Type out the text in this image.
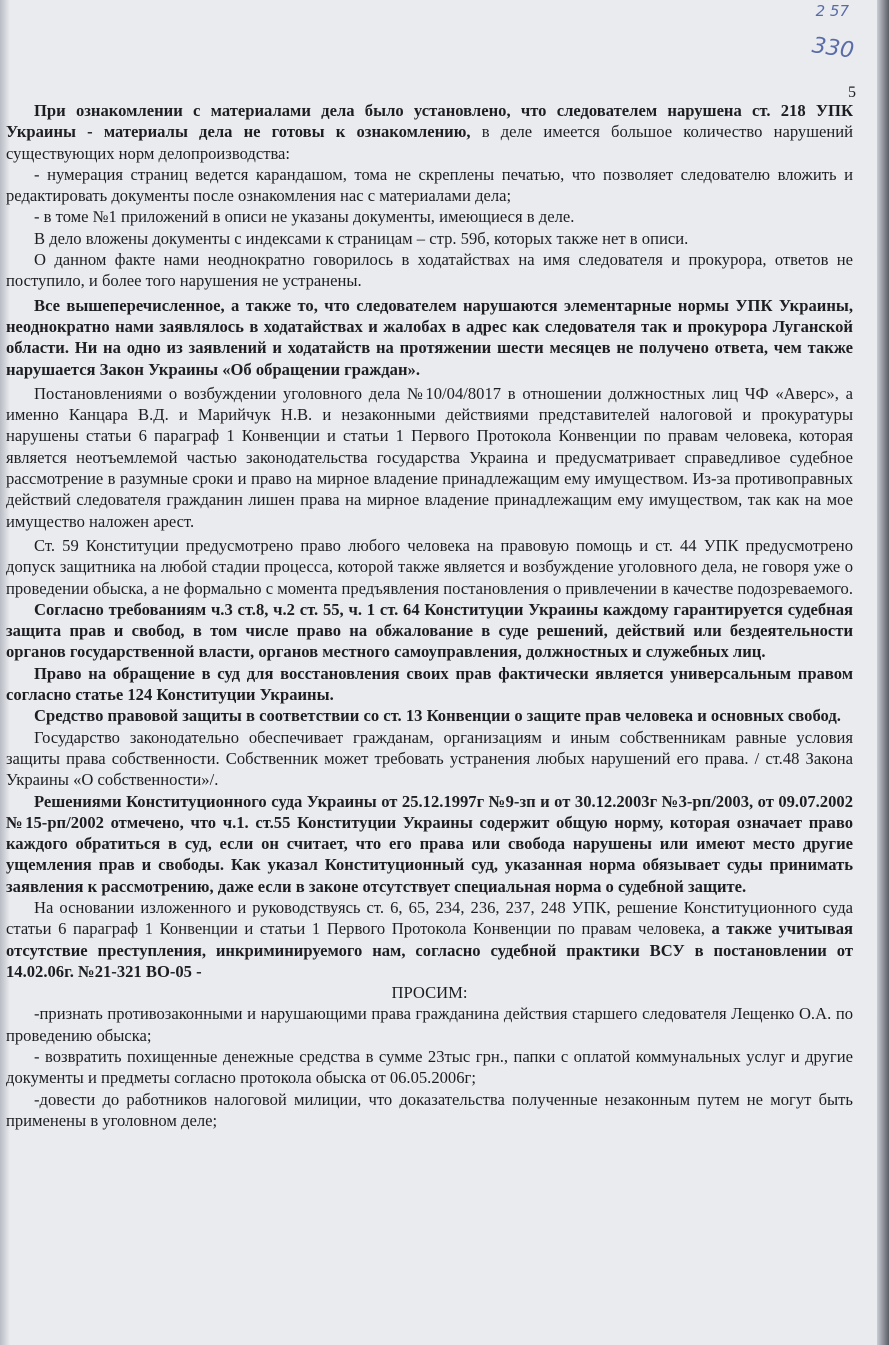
2 57
330
5

При ознакомлении с материалами дела было установлено, что следователем нарушена ст. 218 УПК Украины - материалы дела не готовы к ознакомлению, в деле имеется большое количество нарушений существующих норм делопроизводства:

- нумерация страниц ведется карандашом, тома не скреплены печатью, что позволяет следователю вложить и редактировать документы после ознакомления нас с материалами дела;

- в томе №1 приложений в описи не указаны документы, имеющиеся в деле.

В дело вложены документы с индексами к страницам – стр. 59б, которых также нет в описи.

О данном факте нами неоднократно говорилось в ходатайствах на имя следователя и прокурора, ответов не поступило, и более того нарушения не устранены.

Все вышеперечисленное, а также то, что следователем нарушаются элементарные нормы УПК Украины, неоднократно нами заявлялось в ходатайствах и жалобах в адрес как следователя так и прокурора Луганской области. Ни на одно из заявлений и ходатайств на протяжении шести месяцев не получено ответа, чем также нарушается Закон Украины «Об обращении граждан».

Постановлениями о возбуждении уголовного дела №10/04/8017 в отношении должностных лиц ЧФ «Аверс», а именно Канцара В.Д. и Марийчук Н.В. и незаконными действиями представителей налоговой и прокуратуры нарушены статьи 6 параграф 1 Конвенции и статьи 1 Первого Протокола Конвенции по правам человека, которая является неотъемлемой частью законодательства государства Украина и предусматривает справедливое судебное рассмотрение в разумные сроки и право на мирное владение принадлежащим ему имуществом. Из-за противоправных действий следователя гражданин лишен права на мирное владение принадлежащим ему имуществом, так как на мое имущество наложен арест.

Ст. 59 Конституции предусмотрено право любого человека на правовую помощь и ст. 44 УПК предусмотрено допуск защитника на любой стадии процесса, которой также является и возбуждение уголовного дела, не говоря уже о проведении обыска, а не формально с момента предъявления постановления о привлечении в качестве подозреваемого.

Согласно требованиям ч.3 ст.8, ч.2 ст. 55, ч. 1 ст. 64 Конституции Украины каждому гарантируется судебная защита прав и свобод, в том числе право на обжалование в суде решений, действий или бездеятельности органов государственной власти, органов местного самоуправления, должностных и служебных лиц.

Право на обращение в суд для восстановления своих прав фактически является универсальным правом согласно статье 124 Конституции Украины.

Средство правовой защиты в соответствии со ст. 13 Конвенции о защите прав человека и основных свобод.

Государство законодательно обеспечивает гражданам, организациям и иным собственникам равные условия защиты права собственности. Собственник может требовать устранения любых нарушений его права. / ст.48 Закона Украины «О собственности»/.

Решениями Конституционного суда Украины от 25.12.1997г №9-зп и от 30.12.2003г №3-рп/2003, от 09.07.2002 №15-рп/2002 отмечено, что ч.1. ст.55 Конституции Украины содержит общую норму, которая означает право каждого обратиться в суд, если он считает, что его права или свобода нарушены или имеют место другие ущемления прав и свободы. Как указал Конституционный суд, указанная норма обязывает суды принимать заявления к рассмотрению, даже если в законе отсутствует специальная норма о судебной защите.

На основании изложенного и руководствуясь ст. 6, 65, 234, 236, 237, 248 УПК, решение Конституционного суда статьи 6 параграф 1 Конвенции и статьи 1 Первого Протокола Конвенции по правам человека, а также учитывая отсутствие преступления, инкриминируемого нам, согласно судебной практики ВСУ в постановлении от 14.02.06г. №21-321 ВО-05 -

ПРОСИМ:

-признать противозаконными и нарушающими права гражданина действия старшего следователя Лещенко О.А. по проведению обыска;

- возвратить похищенные денежные средства в сумме 23тыс грн., папки с оплатой коммунальных услуг и другие документы и предметы согласно протокола обыска от 06.05.2006г;

-довести до работников налоговой милиции, что доказательства полученные незаконным путем не могут быть применены в уголовном деле;
